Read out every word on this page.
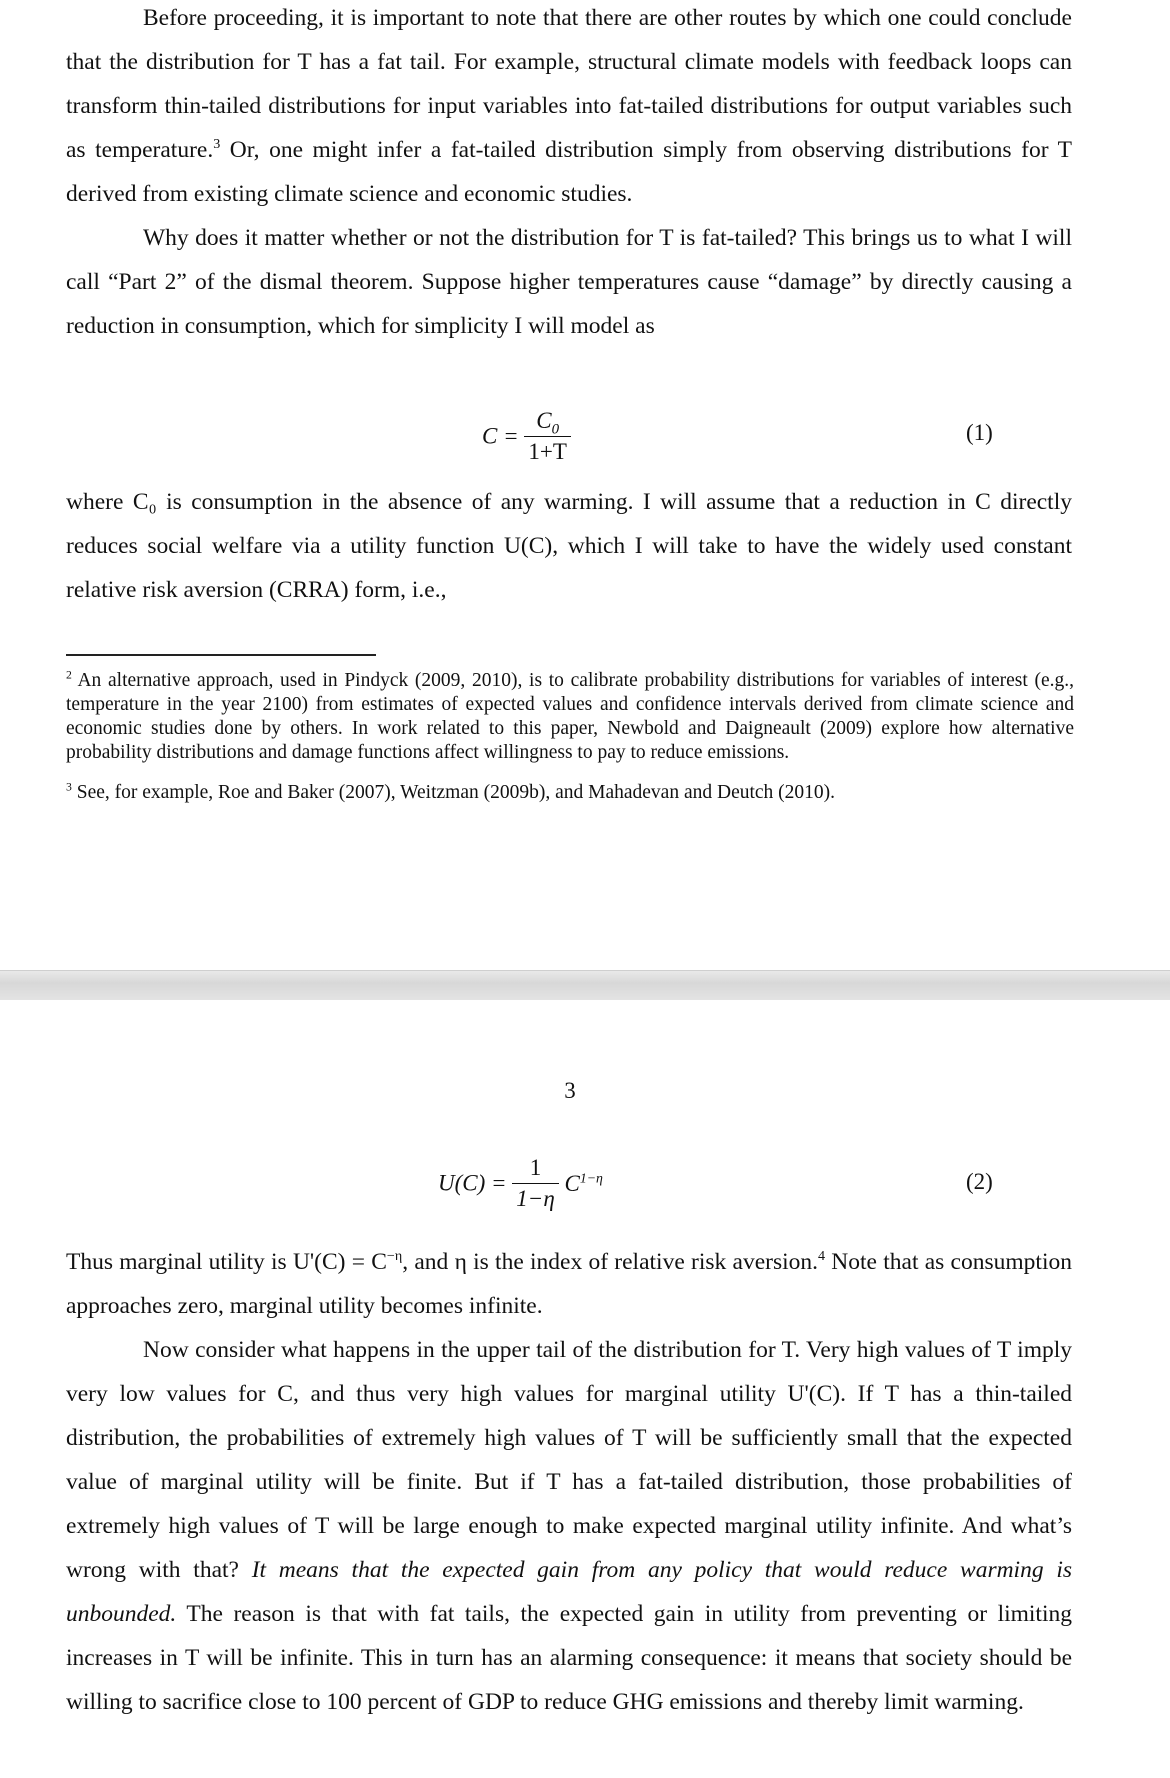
Before proceeding, it is important to note that there are other routes by which one could conclude that the distribution for T has a fat tail. For example, structural climate models with feedback loops can transform thin-tailed distributions for input variables into fat-tailed distributions for output variables such as temperature.$^3$ Or, one might infer a fat-tailed distribution simply from observing distributions for T derived from existing climate science and economic studies.

Why does it matter whether or not the distribution for T is fat-tailed? This brings us to what I will call “Part 2” of the dismal theorem. Suppose higher temperatures cause “damage” by directly causing a reduction in consumption, which for simplicity I will model as

$C = \frac{C_0}{1+T}$	(1)

where C₀ is consumption in the absence of any warming. I will assume that a reduction in C directly reduces social welfare via a utility function U(C), which I will take to have the widely used constant relative risk aversion (CRRA) form, i.e.,

$^2$ An alternative approach, used in Pindyck (2009, 2010), is to calibrate probability distributions for variables of interest (e.g., temperature in the year 2100) from estimates of expected values and confidence intervals derived from climate science and economic studies done by others. In work related to this paper, Newbold and Daigneault (2009) explore how alternative probability distributions and damage functions affect willingness to pay to reduce emissions.
$^3$ See, for example, Roe and Baker (2007), Weitzman (2009b), and Mahadevan and Deutch (2010).
3
$U(C) = \frac{1}{1-\eta} C^{1-\eta}$	(2)

Thus marginal utility is $U'(C) = C^{-\eta}$, and η is the index of relative risk aversion.$^4$ Note that as consumption approaches zero, marginal utility becomes infinite.

Now consider what happens in the upper tail of the distribution for T. Very high values of T imply very low values for C, and thus very high values for marginal utility U'(C). If T has a thin-tailed distribution, the probabilities of extremely high values of T will be sufficiently small that the expected value of marginal utility will be finite. But if T has a fat-tailed distribution, those probabilities of extremely high values of T will be large enough to make expected marginal utility infinite. And what’s wrong with that? It means that the expected gain from any policy that would reduce warming is unbounded. The reason is that with fat tails, the expected gain in utility from preventing or limiting increases in T will be infinite. This in turn has an alarming consequence: it means that society should be willing to sacrifice close to 100 percent of GDP to reduce GHG emissions and thereby limit warming.
